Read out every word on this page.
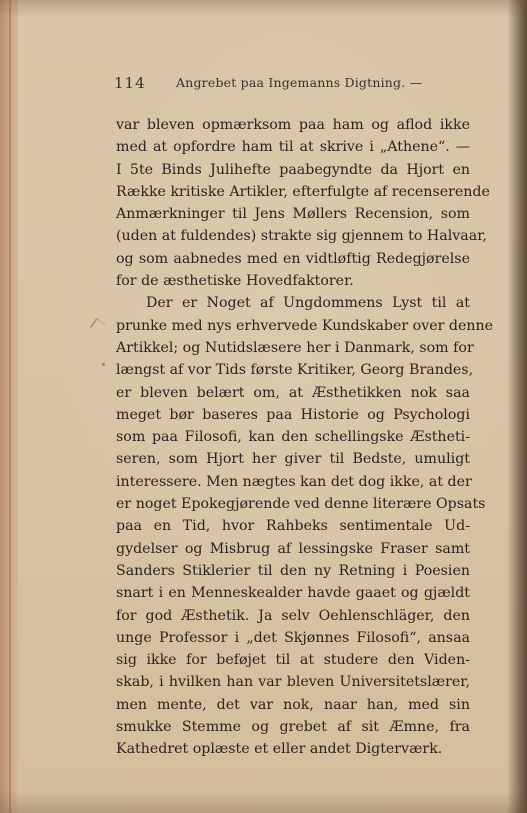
114 Angrebet paa Ingemanns Digtning. —
var bleven opmærksom paa ham og aflod ikke
med at opfordre ham til at skrive i „Athene“. —
I 5te Binds Julihefte paabegyndte da Hjort en
Række kritiske Artikler, efterfulgte af recenserende
Anmærkninger til Jens Møllers Recension, som
(uden at fuldendes) strakte sig gjennem to Halvaar,
og som aabnedes med en vidtløftig Redegjørelse
for de æsthetiske Hovedfaktorer.
Der er Noget af Ungdommens Lyst til at
prunke med nys erhvervede Kundskaber over denne
Artikkel; og Nutidslæsere her i Danmark, som for
længst af vor Tids første Kritiker, Georg Brandes,
er bleven belært om, at Æsthetikken nok saa
meget bør baseres paa Historie og Psychologi
som paa Filosofi, kan den schellingske Æstheti-
seren, som Hjort her giver til Bedste, umuligt
interessere. Men nægtes kan det dog ikke, at der
er noget Epokegjørende ved denne literære Opsats
paa en Tid, hvor Rahbeks sentimentale Ud-
gydelser og Misbrug af lessingske Fraser samt
Sanders Stiklerier til den ny Retning i Poesien
snart i en Menneskealder havde gaaet og gjældt
for god Æsthetik. Ja selv Oehlenschläger, den
unge Professor i „det Skjønnes Filosofi“, ansaa
sig ikke for beføjet til at studere den Viden-
skab, i hvilken han var bleven Universitetslærer,
men mente, det var nok, naar han, med sin
smukke Stemme og grebet af sit Æmne, fra
Kathedret oplæste et eller andet Digterværk.
